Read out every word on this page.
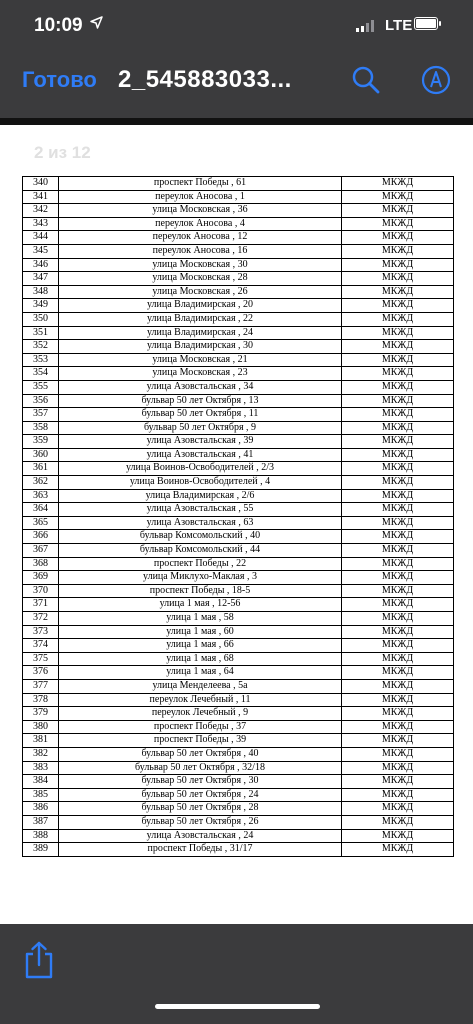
10:09	LTE
Готово 2_545883033...
2 из 12
340	проспект Победы , 61	МКЖД
341	переулок Аносова , 1	МКЖД
342	улица Московская , 36	МКЖД
343	переулок Аносова , 4	МКЖД
344	переулок Аносова , 12	МКЖД
345	переулок Аносова , 16	МКЖД
346	улица Московская , 30	МКЖД
347	улица Московская , 28	МКЖД
348	улица Московская , 26	МКЖД
349	улица Владимирская , 20	МКЖД
350	улица Владимирская , 22	МКЖД
351	улица Владимирская , 24	МКЖД
352	улица Владимирская , 30	МКЖД
353	улица Московская , 21	МКЖД
354	улица Московская , 23	МКЖД
355	улица Азовстальская , 34	МКЖД
356	бульвар 50 лет Октября , 13	МКЖД
357	бульвар 50 лет Октября , 11	МКЖД
358	бульвар 50 лет Октября , 9	МКЖД
359	улица Азовстальская , 39	МКЖД
360	улица Азовстальская , 41	МКЖД
361	улица Воинов-Освободителей , 2/3	МКЖД
362	улица Воинов-Освободителей , 4	МКЖД
363	улица Владимирская , 2/6	МКЖД
364	улица Азовстальская , 55	МКЖД
365	улица Азовстальская , 63	МКЖД
366	бульвар Комсомольский , 40	МКЖД
367	бульвар Комсомольский , 44	МКЖД
368	проспект Победы , 22	МКЖД
369	улица Миклухо-Маклая , 3	МКЖД
370	проспект Победы , 18-5	МКЖД
371	улица 1 мая , 12-56	МКЖД
372	улица 1 мая , 58	МКЖД
373	улица 1 мая , 60	МКЖД
374	улица 1 мая , 66	МКЖД
375	улица 1 мая , 68	МКЖД
376	улица 1 мая , 64	МКЖД
377	улица Менделеева , 5а	МКЖД
378	переулок Лечебный , 11	МКЖД
379	переулок Лечебный , 9	МКЖД
380	проспект Победы , 37	МКЖД
381	проспект Победы , 39	МКЖД
382	бульвар 50 лет Октября , 40	МКЖД
383	бульвар 50 лет Октября , 32/18	МКЖД
384	бульвар 50 лет Октября , 30	МКЖД
385	бульвар 50 лет Октября , 24	МКЖД
386	бульвар 50 лет Октября , 28	МКЖД
387	бульвар 50 лет Октября , 26	МКЖД
388	улица Азовстальская , 24	МКЖД
389	проспект Победы , 31/17	МКЖД
